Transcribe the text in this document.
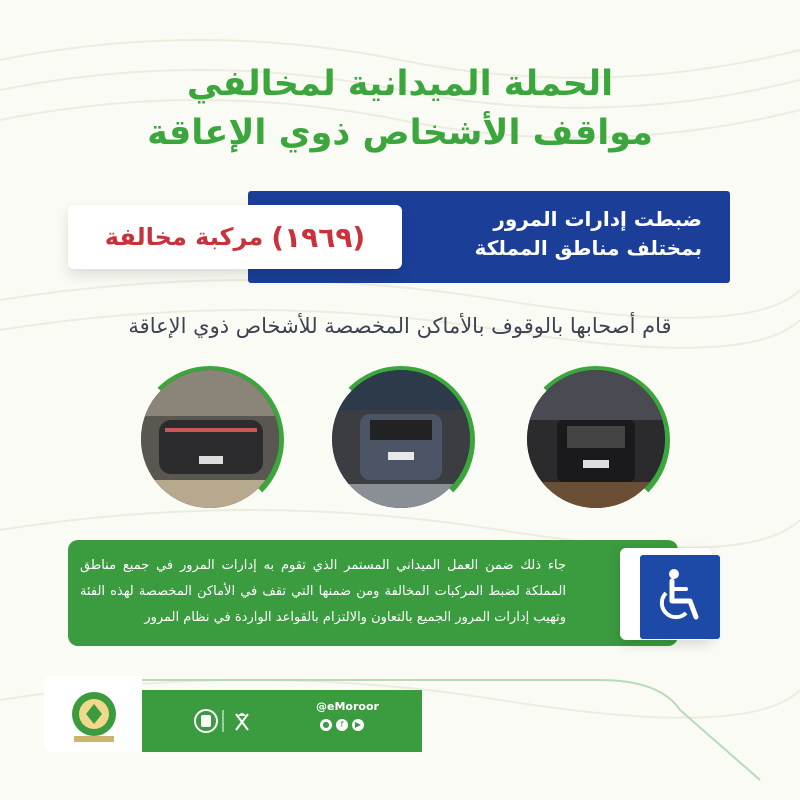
الحملة الميدانية لمخالفي
مواقف الأشخاص ذوي الإعاقة
ضبطت إدارات المرور بمختلف مناطق المملكة
(١٩٦٩)
مركبة مخالفة
قام أصحابها بالوقوف بالأماكن المخصصة للأشخاص ذوي الإعاقة
جاء ذلك ضمن العمل الميداني المستمر الذي تقوم به إدارات المرور في جميع مناطق المملكة لضبط المركبات المخالفة ومن ضمنها التي تقف في الأماكن المخصصة لهذه الفئة وتهيب إدارات المرور الجميع بالتعاون والالتزام بالقواعد الواردة في نظام المرور
@eMoroor
●	f	▶
